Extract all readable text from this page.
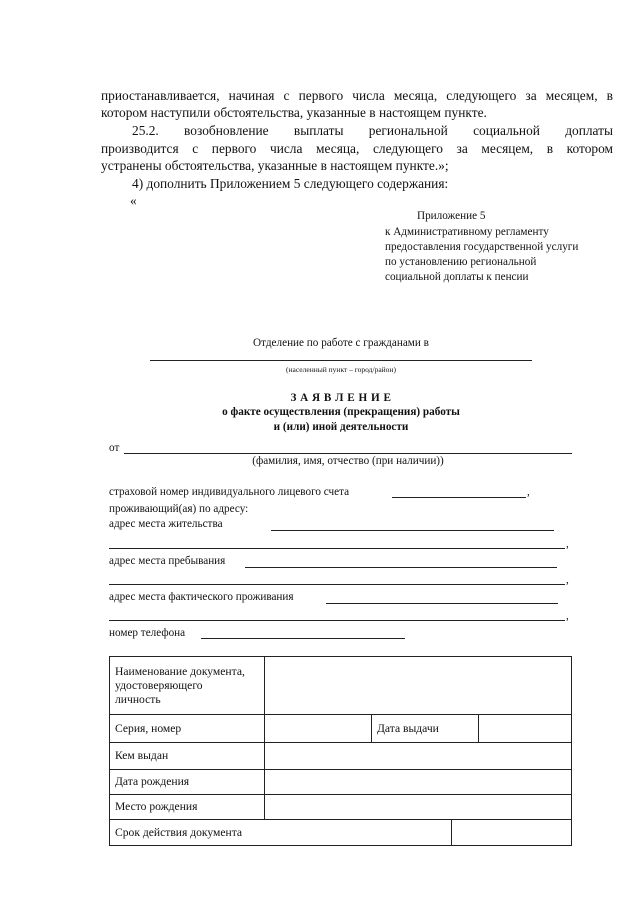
приостанавливается, начиная с первого числа месяца, следующего за месяцем, в
котором наступили обстоятельства, указанные в настоящем пункте.
25.2. возобновление выплаты региональной социальной доплаты
производится с первого числа месяца, следующего за месяцем, в котором
устранены обстоятельства, указанные в настоящем пункте.»;
4) дополнить Приложением 5 следующего содержания:
«
Приложение 5
к Административному регламенту
предоставления государственной услуги
по установлению региональной
социальной доплаты к пенсии
Отделение по работе с гражданами в
(населенный пункт – город/район)
З А Я В Л Е Н И Е
о факте осуществления (прекращения) работы
и (или) иной деятельности
от
(фамилия, имя, отчество (при наличии))
страховой номер индивидуального лицевого счета	,
проживающий(ая) по адресу:
адрес места жительства
,
адрес места пребывания
,
адрес места фактического проживания
,
номер телефона
Наименование документа,
удостоверяющего
личность				

Серия, номер		Дата выдачи		
Кем выдан				
Дата рождения				
Место рождения				
Срок действия документа				
